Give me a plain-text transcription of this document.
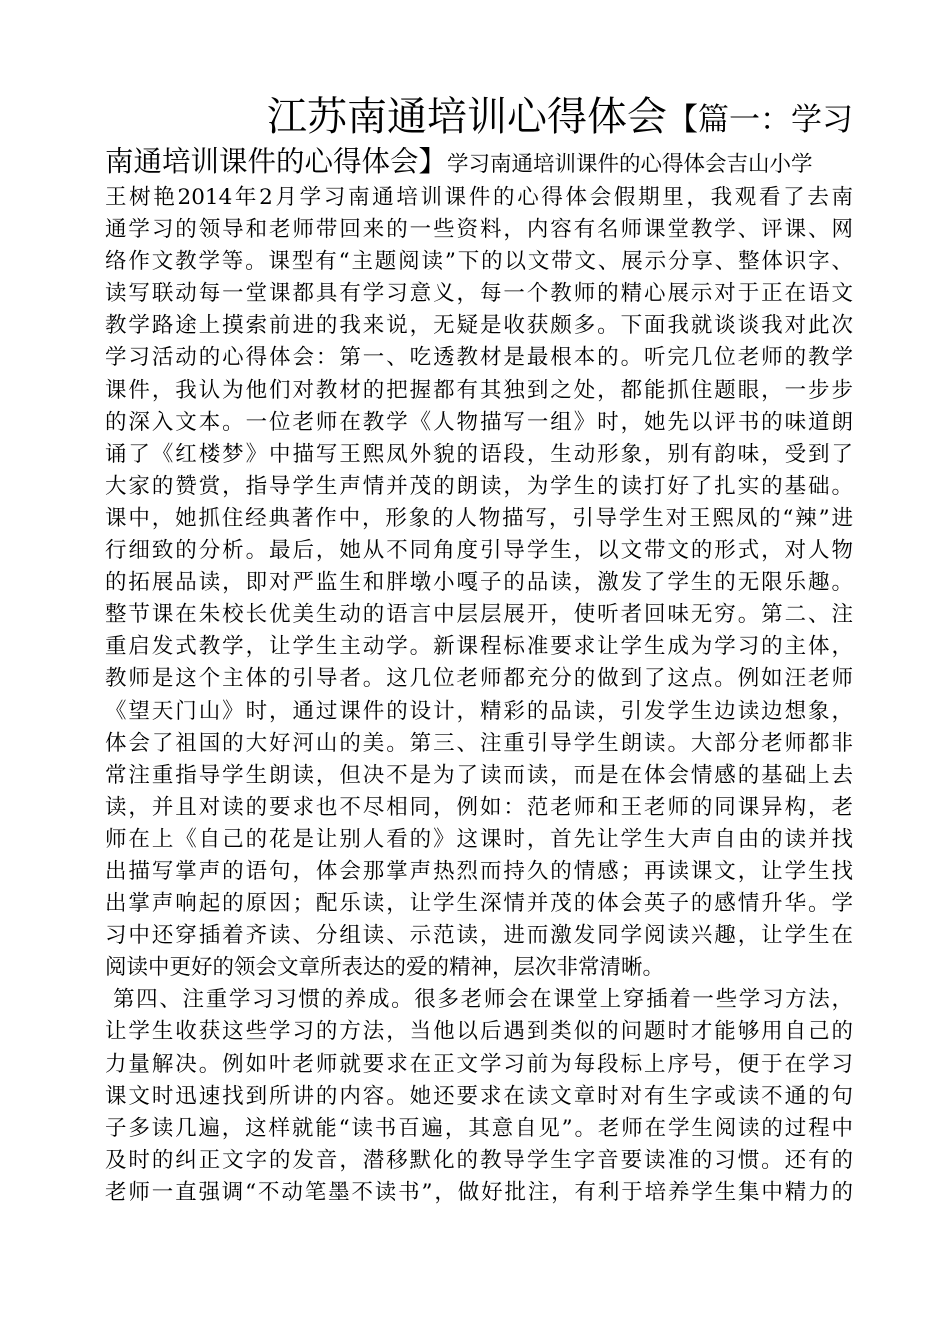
江苏南通培训心得体会【篇一：学习
南通培训课件的心得体会】学习南通培训课件的心得体会吉山小学
王树艳2014年2月学习南通培训课件的心得体会假期里，我观看了去南
通学习的领导和老师带回来的一些资料，内容有名师课堂教学、评课、网
络作文教学等。课型有“主题阅读”下的以文带文、展示分享、整体识字、
读写联动每一堂课都具有学习意义，每一个教师的精心展示对于正在语文
教学路途上摸索前进的我来说，无疑是收获颇多。下面我就谈谈我对此次
学习活动的心得体会：第一、吃透教材是最根本的。听完几位老师的教学
课件，我认为他们对教材的把握都有其独到之处，都能抓住题眼，一步步
的深入文本。一位老师在教学《人物描写一组》时，她先以评书的味道朗
诵了《红楼梦》中描写王熙凤外貌的语段，生动形象，别有韵味，受到了
大家的赞赏，指导学生声情并茂的朗读，为学生的读打好了扎实的基础。
课中，她抓住经典著作中，形象的人物描写，引导学生对王熙凤的“辣”进
行细致的分析。最后，她从不同角度引导学生，以文带文的形式，对人物
的拓展品读，即对严监生和胖墩小嘎子的品读，激发了学生的无限乐趣。
整节课在朱校长优美生动的语言中层层展开，使听者回味无穷。第二、注
重启发式教学，让学生主动学。新课程标准要求让学生成为学习的主体，
教师是这个主体的引导者。这几位老师都充分的做到了这点。例如汪老师
《望天门山》时，通过课件的设计，精彩的品读，引发学生边读边想象，
体会了祖国的大好河山的美。第三、注重引导学生朗读。大部分老师都非
常注重指导学生朗读，但决不是为了读而读，而是在体会情感的基础上去
读，并且对读的要求也不尽相同，例如：范老师和王老师的同课异构，老
师在上《自己的花是让别人看的》这课时，首先让学生大声自由的读并找
出描写掌声的语句，体会那掌声热烈而持久的情感；再读课文，让学生找
出掌声响起的原因；配乐读，让学生深情并茂的体会英子的感情升华。学
习中还穿插着齐读、分组读、示范读，进而激发同学阅读兴趣，让学生在
阅读中更好的领会文章所表达的爱的精神，层次非常清晰。
第四、注重学习习惯的养成。很多老师会在课堂上穿插着一些学习方法，
让学生收获这些学习的方法，当他以后遇到类似的问题时才能够用自己的
力量解决。例如叶老师就要求在正文学习前为每段标上序号，便于在学习
课文时迅速找到所讲的内容。她还要求在读文章时对有生字或读不通的句
子多读几遍，这样就能“读书百遍，其意自见”。老师在学生阅读的过程中
及时的纠正文字的发音，潜移默化的教导学生字音要读准的习惯。还有的
老师一直强调“不动笔墨不读书”，做好批注，有利于培养学生集中精力的
